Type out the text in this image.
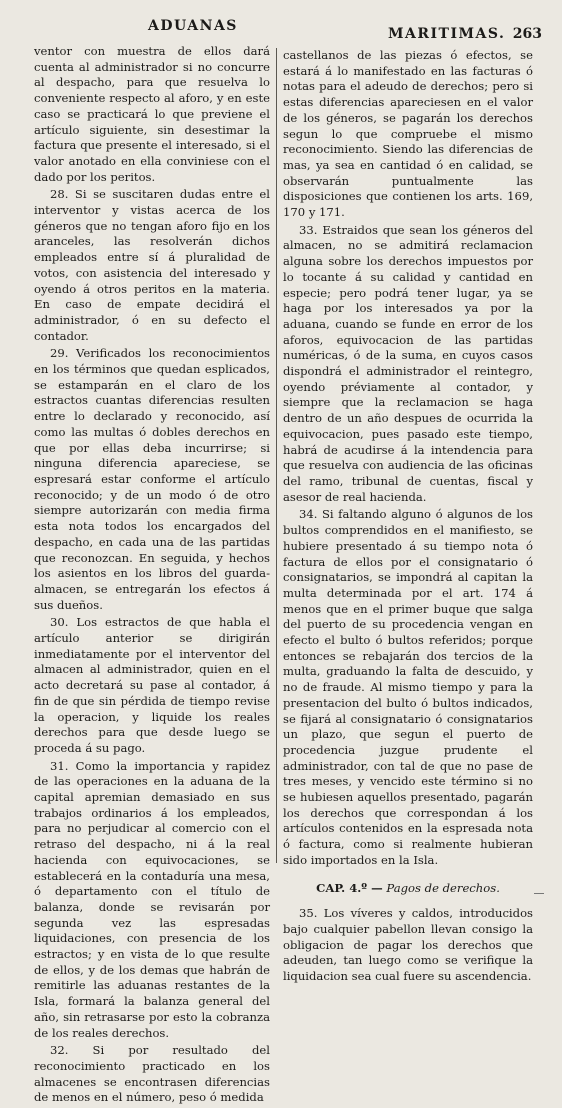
ADUANAS	MARITIMAS. 263

ventor con muestra de ellos dará cuenta al administrador si no concurre al despacho, para que resuelva lo conveniente respecto al aforo, y en este caso se practicará lo que previene el artículo siguiente, sin desestimar la factura que presente el interesado, si el valor anotado en ella conviniese con el dado por los peritos.

28. Si se suscitaren dudas entre el interventor y vistas acerca de los géneros que no tengan aforo fijo en los aranceles, las resolverán dichos empleados entre sí á pluralidad de votos, con asistencia del interesado y oyendo á otros peritos en la materia. En caso de empate decidirá el administrador, ó en su defecto el contador.

29. Verificados los reconocimientos en los términos que quedan esplicados, se estamparán en el claro de los estractos cuantas diferencias resulten entre lo declarado y reconocido, así como las multas ó dobles derechos en que por ellas deba incurrirse; si ninguna diferencia apareciese, se espresará estar conforme el artículo reconocido; y de un modo ó de otro siempre autorizarán con media firma esta nota todos los encargados del despacho, en cada una de las partidas que reconozcan. En seguida, y hechos los asientos en los libros del guarda-almacen, se entregarán los efectos á sus dueños.

30. Los estractos de que habla el artículo anterior se dirigirán inmediatamente por el interventor del almacen al administrador, quien en el acto decretará su pase al contador, á fin de que sin pérdida de tiempo revise la operacion, y liquide los reales derechos para que desde luego se proceda á su pago.

31. Como la importancia y rapidez de las operaciones en la aduana de la capital apremian demasiado en sus trabajos ordinarios á los empleados, para no perjudicar al comercio con el retraso del despacho, ni á la real hacienda con equivocaciones, se establecerá en la contaduría una mesa, ó departamento con el título de balanza, donde se revisarán por segunda vez las espresadas liquidaciones, con presencia de los estractos; y en vista de lo que resulte de ellos, y de los demas que habrán de remitirle las aduanas restantes de la Isla, formará la balanza general del año, sin retrasarse por esto la cobranza de los reales derechos.

32. Si por resultado del reconocimiento practicado en los almacenes se encontrasen diferencias de menos en el número, peso ó medida

castellanos de las piezas ó efectos, se estará á lo manifestado en las facturas ó notas para el adeudo de derechos; pero si estas diferencias apareciesen en el valor de los géneros, se pagarán los derechos segun lo que compruebe el mismo reconocimiento. Siendo las diferencias de mas, ya sea en cantidad ó en calidad, se observarán puntualmente las disposiciones que contienen los arts. 169, 170 y 171.

33. Estraidos que sean los géneros del almacen, no se admitirá reclamacion alguna sobre los derechos impuestos por lo tocante á su calidad y cantidad en especie; pero podrá tener lugar, ya se haga por los interesados ya por la aduana, cuando se funde en error de los aforos, equivocacion de las partidas numéricas, ó de la suma, en cuyos casos dispondrá el administrador el reintegro, oyendo préviamente al contador, y siempre que la reclamacion se haga dentro de un año despues de ocurrida la equivocacion, pues pasado este tiempo, habrá de acudirse á la intendencia para que resuelva con audiencia de las oficinas del ramo, tribunal de cuentas, fiscal y asesor de real hacienda.

34. Si faltando alguno ó algunos de los bultos comprendidos en el manifiesto, se hubiere presentado á su tiempo nota ó factura de ellos por el consignatario ó consignatarios, se impondrá al capitan la multa determinada por el art. 174 á menos que en el primer buque que salga del puerto de su procedencia vengan en efecto el bulto ó bultos referidos; porque entonces se rebajarán dos tercios de la multa, graduando la falta de descuido, y no de fraude. Al mismo tiempo y para la presentacion del bulto ó bultos indicados, se fijará al consignatario ó consignatarios un plazo, que segun el puerto de procedencia juzgue prudente el administrador, con tal de que no pase de tres meses, y vencido este término si no se hubiesen aquellos presentado, pagarán los derechos que correspondan á los artículos contenidos en la espresada nota ó factura, como si realmente hubieran sido importados en la Isla.

CAP. 4.º — Pagos de derechos.

35. Los víveres y caldos, introducidos bajo cualquier pabellon llevan consigo la obligacion de pagar los derechos que adeuden, tan luego como se verifique la liquidacion sea cual fuere su ascendencia.
